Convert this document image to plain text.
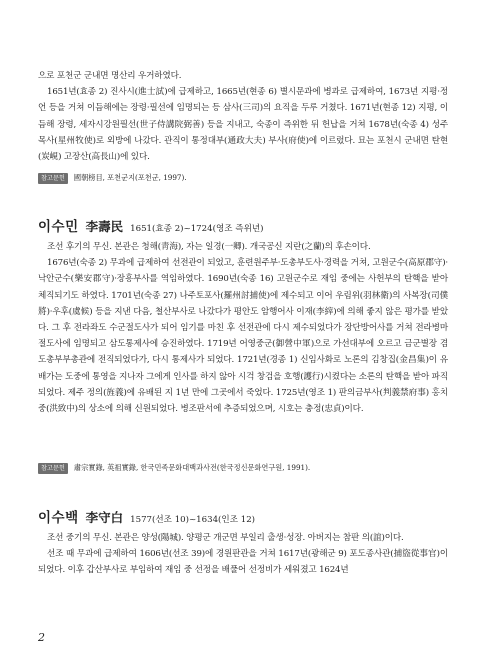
으로 포천군 군내면 명산리 우거하였다.

1651년(효종 2) 진사시(進士試)에 급제하고, 1665년(현종 6) 별시문과에 병과로 급제하여, 1673년 지평·정언 등을 거쳐 이듬해에는 장령·필선에 임명되는 등 삼사(三司)의 요직을 두루 거쳤다. 1671년(현종 12) 지평, 이듬해 장령, 세자시강원필선(世子侍講院弼善) 등을 지내고, 숙종이 즉위한 뒤 헌납을 거쳐 1678년(숙종 4) 성주목사(星州牧使)로 외방에 나갔다. 관직이 통정대부(通政大夫) 부사(府使)에 이르렀다. 묘는 포천시 군내면 탄현(炭峴) 고장산(高長山)에 있다.

참고문헌	國朝榜目, 포천군지(포천군, 1997).
이수민 李壽民 1651(효종 2)~1724(영조 즉위년)

조선 후기의 무신. 본관은 청해(靑海), 자는 일경(一卿). 개국공신 지란(之蘭)의 후손이다.

1676년(숙종 2) 무과에 급제하여 선전관이 되었고, 훈련원주부·도총부도사·경력을 거쳐, 고원군수(高原郡守)·낙안군수(樂安郡守)·장흥부사를 역임하였다. 1690년(숙종 16) 고원군수로 재임 중에는 사헌부의 탄핵을 받아 체직되기도 하였다. 1701년(숙종 27) 나주토포사(羅州討捕使)에 제수되고 이어 우림위(羽林衛)의 사복장(司僕將)·우후(虞候) 등을 지낸 다음, 철산부사로 나갔다가 평안도 암행어사 이재(李縡)에 의해 좋지 않은 평가를 받았다. 그 후 전라좌도 수군절도사가 되어 임기를 마친 후 선전관에 다시 제수되었다가 장단방어사를 거쳐 전라병마절도사에 임명되고 삼도통제사에 승진하였다. 1719년 어영중군(御營中軍)으로 가선대부에 오르고 금군별장 겸 도총부부총관에 전직되었다가, 다시 통제사가 되었다. 1721년(경종 1) 신임사화로 노론의 김창집(金昌集)이 유배가는 도중에 통영을 지나자 그에게 인사를 하지 않아 시걱 창검을 호행(護行)시켰다는 소론의 탄핵을 받아 파직되었다. 제주 정의(旌義)에 유배된 지 1년 만에 그곳에서 죽었다. 1725년(영조 1) 판의금부사(判義禁府事) 홍치중(洪致中)의 상소에 의해 신원되었다. 병조판서에 추증되었으며, 시호는 충정(忠貞)이다.

참고문헌	肅宗實錄, 英祖實錄, 한국민족문화대백과사전(한국정신문화연구원, 1991).
이수백 李守白 1577(선조 10)~1634(인조 12)

조선 중기의 무신. 본관은 양성(陽城). 양평군 개군면 부일리 출생·성장. 아버지는 참판 의(誼)이다.

선조 때 무과에 급제하여 1606년(선조 39)에 경원판관을 거쳐 1617년(광해군 9) 포도종사관(捕盜從事官)이 되었다. 이후 갑산부사로 부임하여 재임 중 선정을 배풀어 선정비가 세워졌고 1624년

2
